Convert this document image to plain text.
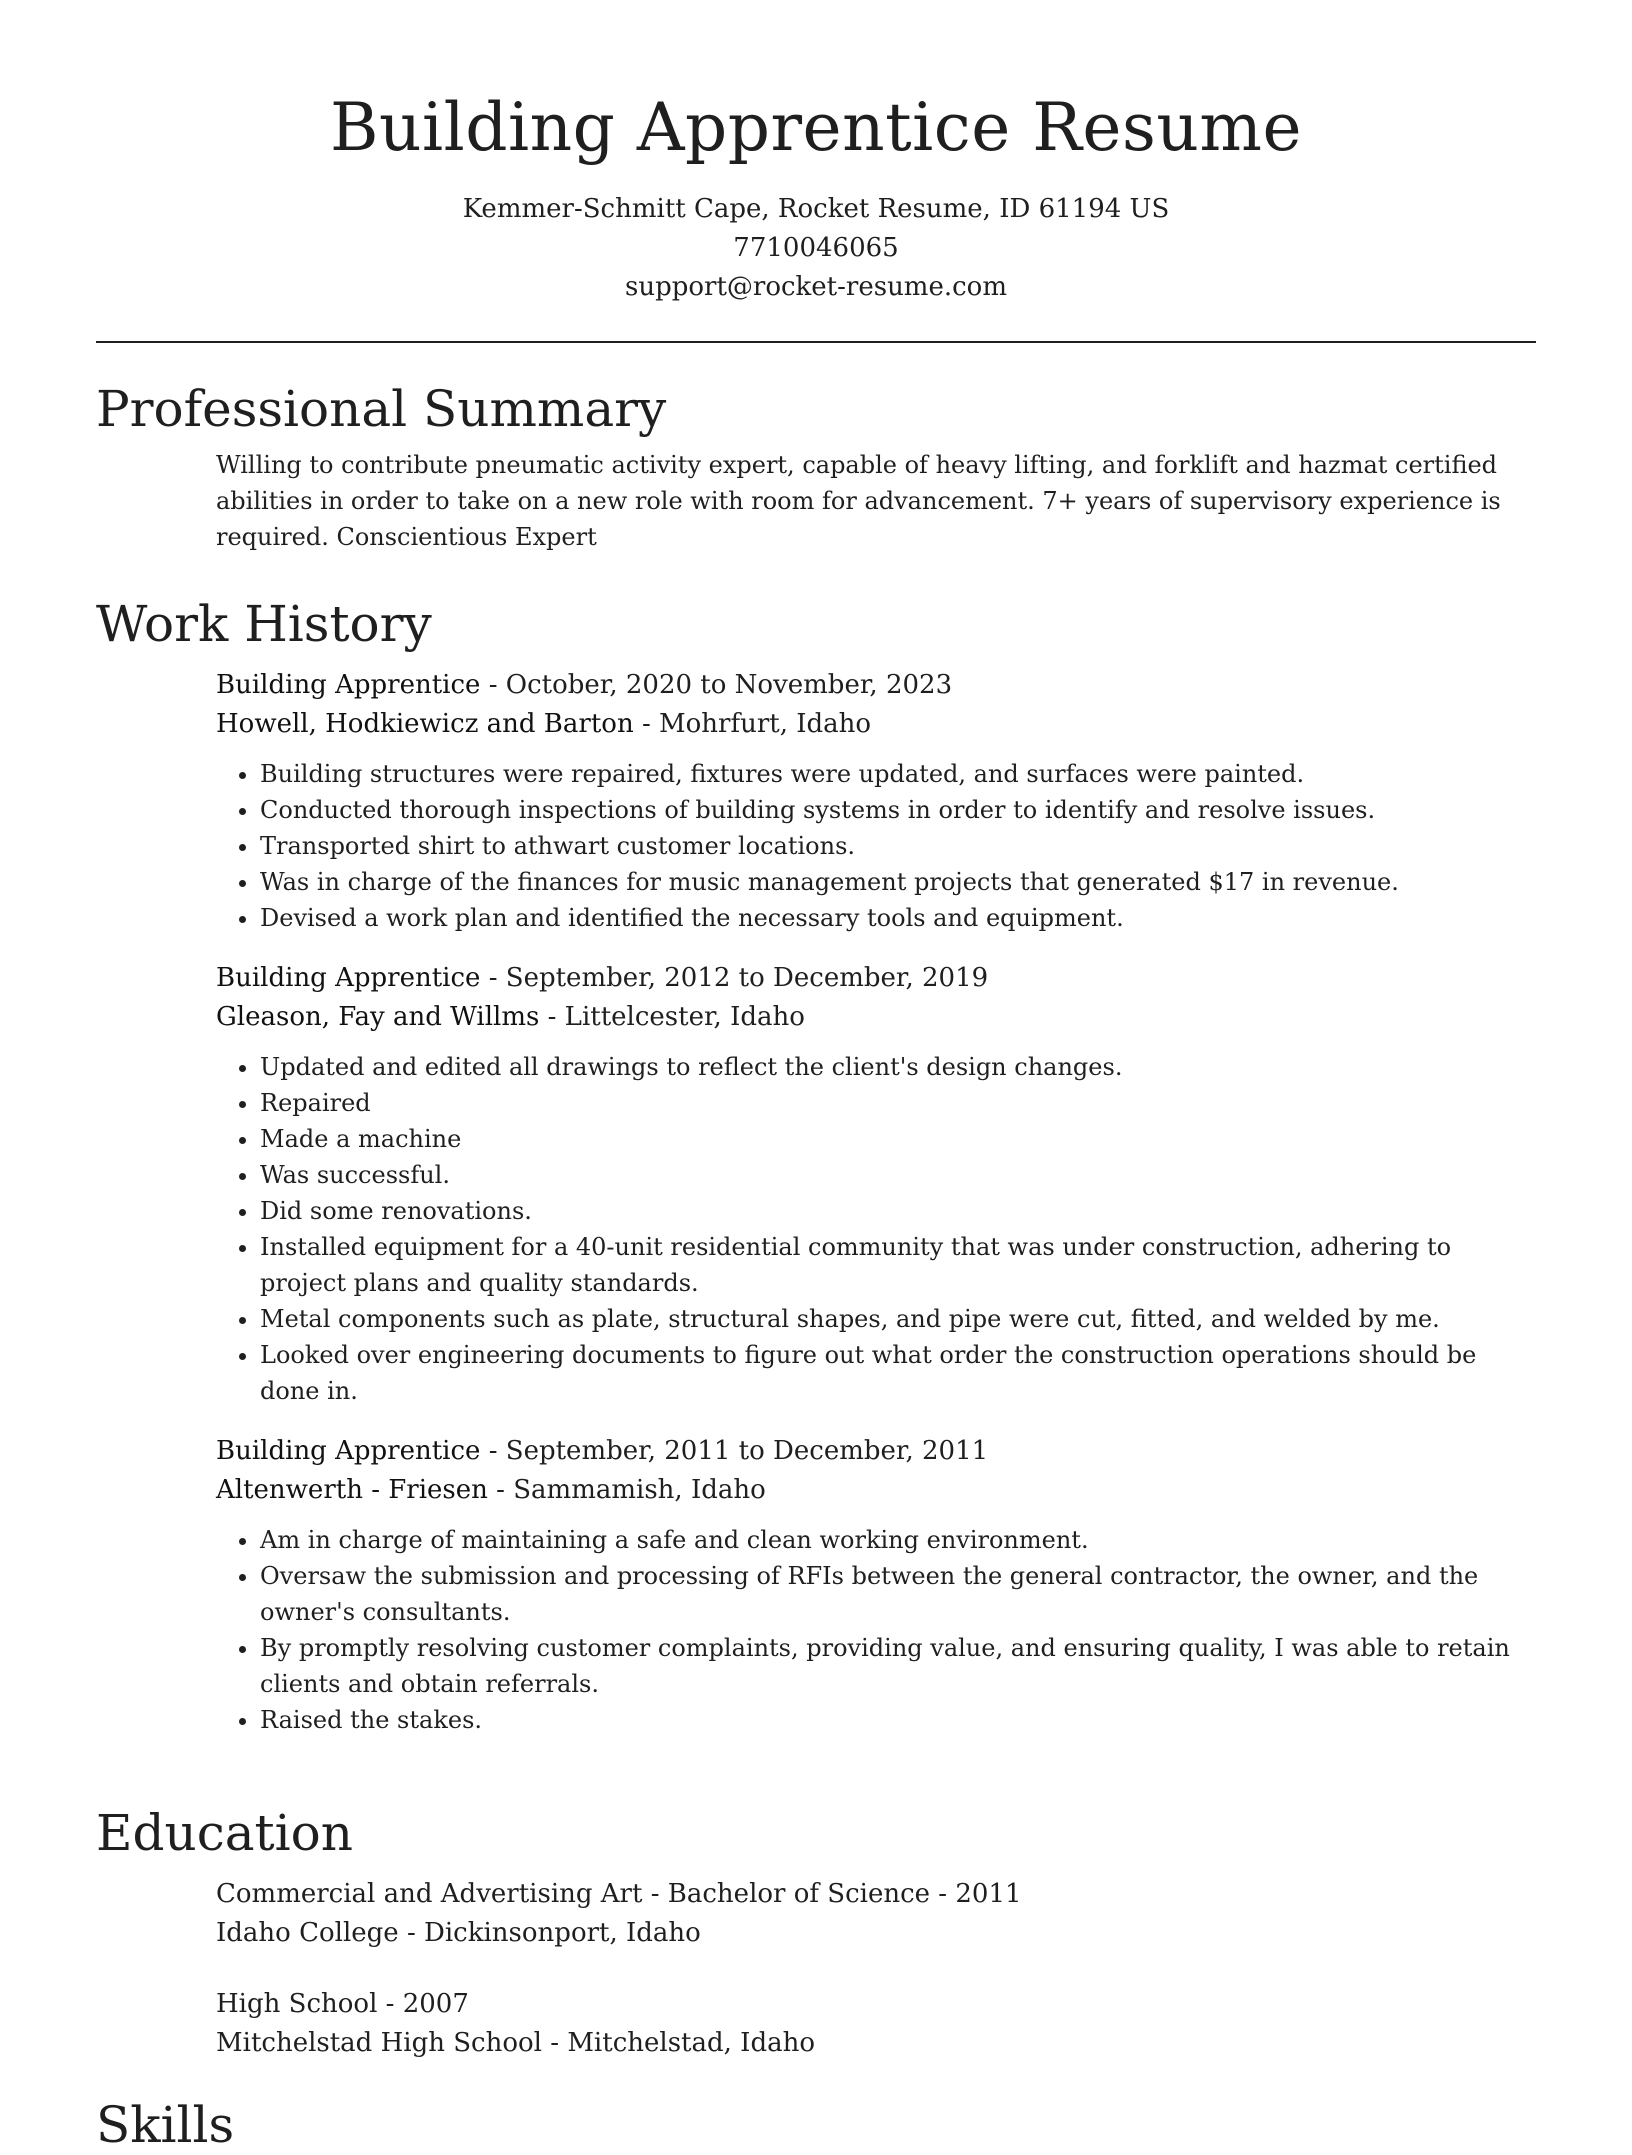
Building Apprentice Resume
Kemmer-Schmitt Cape, Rocket Resume, ID 61194 US
7710046065
support@rocket-resume.com
Professional Summary
Willing to contribute pneumatic activity expert, capable of heavy lifting, and forklift and hazmat certified abilities in order to take on a new role with room for advancement. 7+ years of supervisory experience is required. Conscientious Expert
Work History
Building Apprentice - October, 2020 to November, 2023
Howell, Hodkiewicz and Barton - Mohrfurt, Idaho
• Building structures were repaired, fixtures were updated, and surfaces were painted.
• Conducted thorough inspections of building systems in order to identify and resolve issues.
• Transported shirt to athwart customer locations.
• Was in charge of the finances for music management projects that generated $17 in revenue.
• Devised a work plan and identified the necessary tools and equipment.
Building Apprentice - September, 2012 to December, 2019
Gleason, Fay and Willms - Littelcester, Idaho
• Updated and edited all drawings to reflect the client's design changes.
• Repaired
• Made a machine
• Was successful.
• Did some renovations.
• Installed equipment for a 40-unit residential community that was under construction, adhering to project plans and quality standards.
• Metal components such as plate, structural shapes, and pipe were cut, fitted, and welded by me.
• Looked over engineering documents to figure out what order the construction operations should be done in.
Building Apprentice - September, 2011 to December, 2011
Altenwerth - Friesen - Sammamish, Idaho
• Am in charge of maintaining a safe and clean working environment.
• Oversaw the submission and processing of RFIs between the general contractor, the owner, and the owner's consultants.
• By promptly resolving customer complaints, providing value, and ensuring quality, I was able to retain clients and obtain referrals.
• Raised the stakes.
Education
Commercial and Advertising Art - Bachelor of Science - 2011
Idaho College - Dickinsonport, Idaho
High School - 2007
Mitchelstad High School - Mitchelstad, Idaho
Skills
